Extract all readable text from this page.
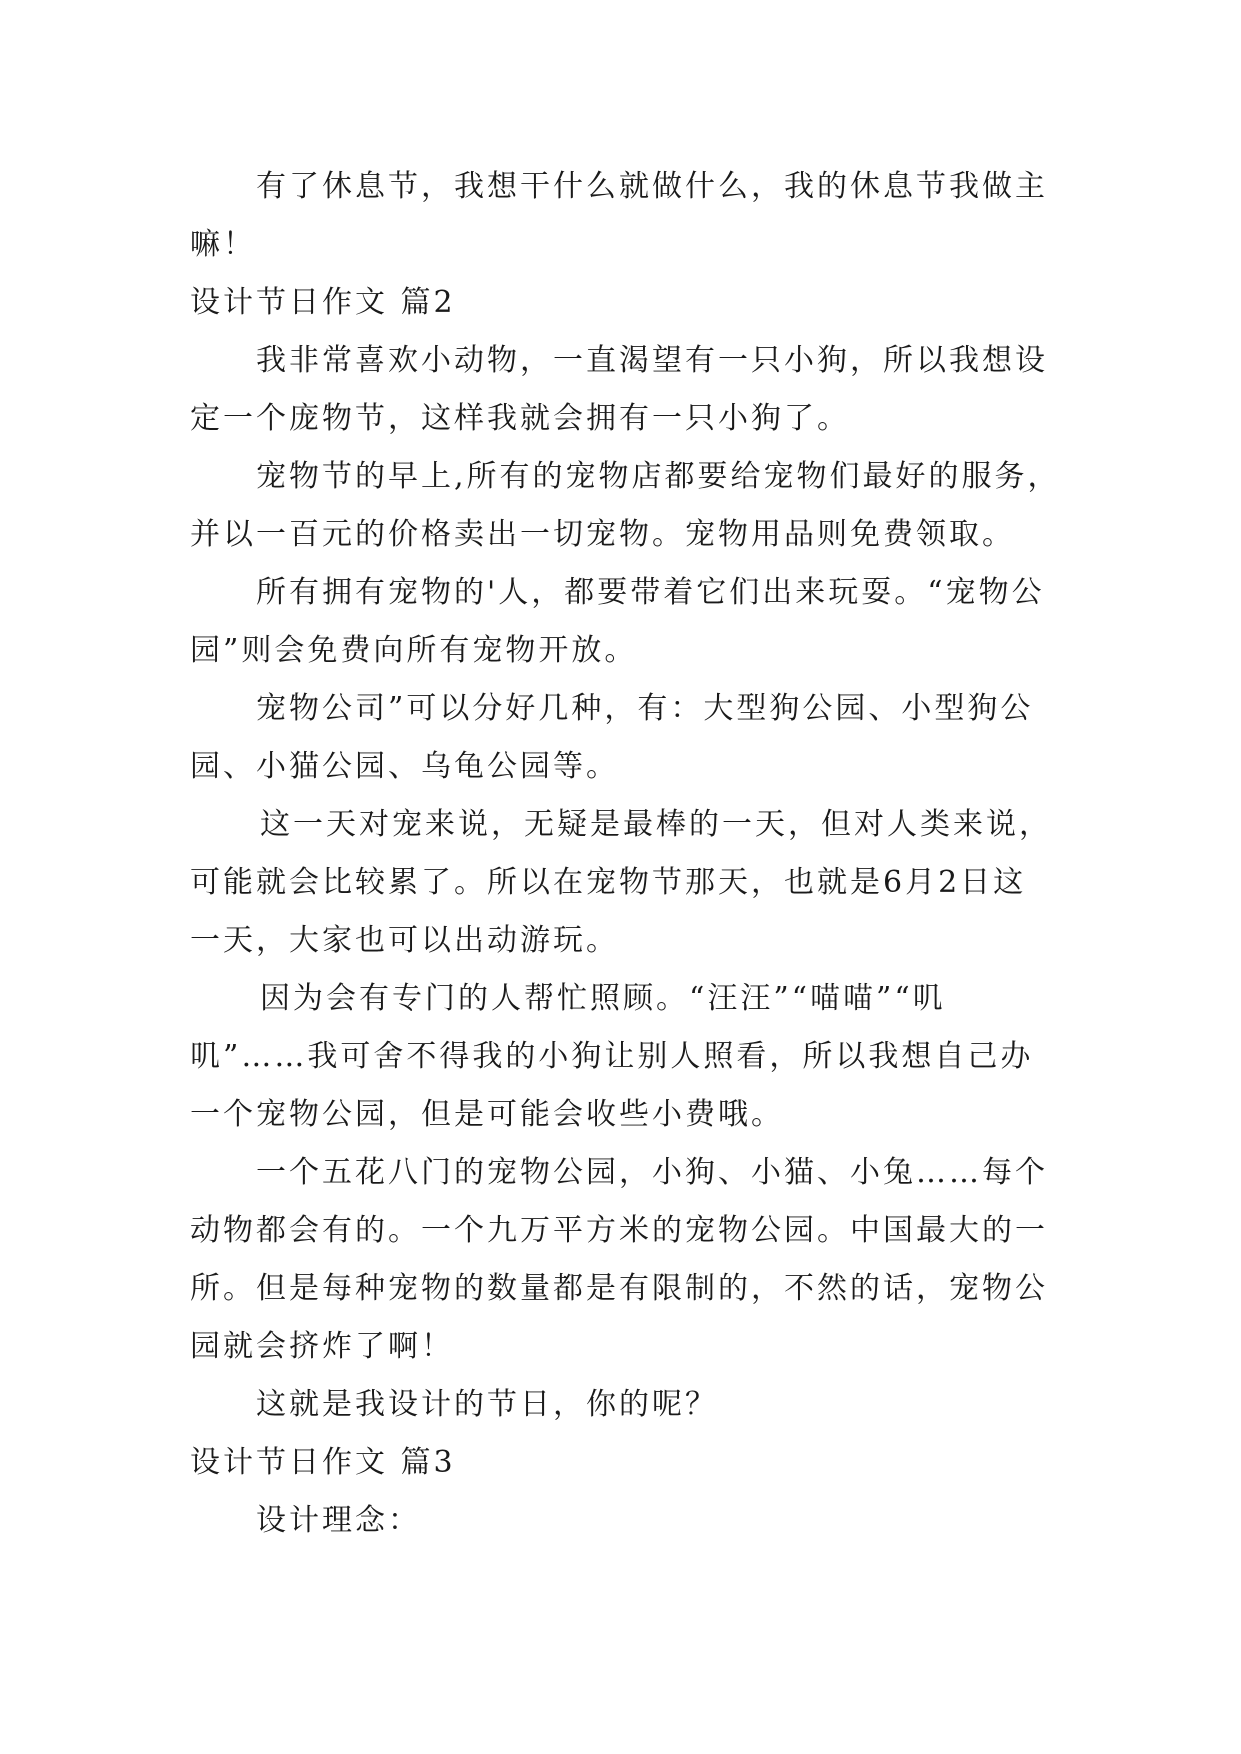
有了休息节，我想干什么就做什么，我的休息节我做主
嘛！
设计节日作文 篇2
我非常喜欢小动物，一直渴望有一只小狗，所以我想设
定一个庞物节，这样我就会拥有一只小狗了。
宠物节的早上,所有的宠物店都要给宠物们最好的服务，
并以一百元的价格卖出一切宠物。宠物用品则免费领取。
所有拥有宠物的'人，都要带着它们出来玩耍。“宠物公
园”则会免费向所有宠物开放。
宠物公司”可以分好几种，有：大型狗公园、小型狗公
园、小猫公园、乌龟公园等。
这一天对宠来说，无疑是最棒的一天，但对人类来说，
可能就会比较累了。所以在宠物节那天，也就是6月2日这
一天，大家也可以出动游玩。
因为会有专门的人帮忙照顾。“汪汪”“喵喵”“叽
叽”……我可舍不得我的小狗让别人照看，所以我想自己办
一个宠物公园，但是可能会收些小费哦。
一个五花八门的宠物公园，小狗、小猫、小兔……每个
动物都会有的。一个九万平方米的宠物公园。中国最大的一
所。但是每种宠物的数量都是有限制的，不然的话，宠物公
园就会挤炸了啊！
这就是我设计的节日，你的呢？
设计节日作文 篇3
设计理念：
